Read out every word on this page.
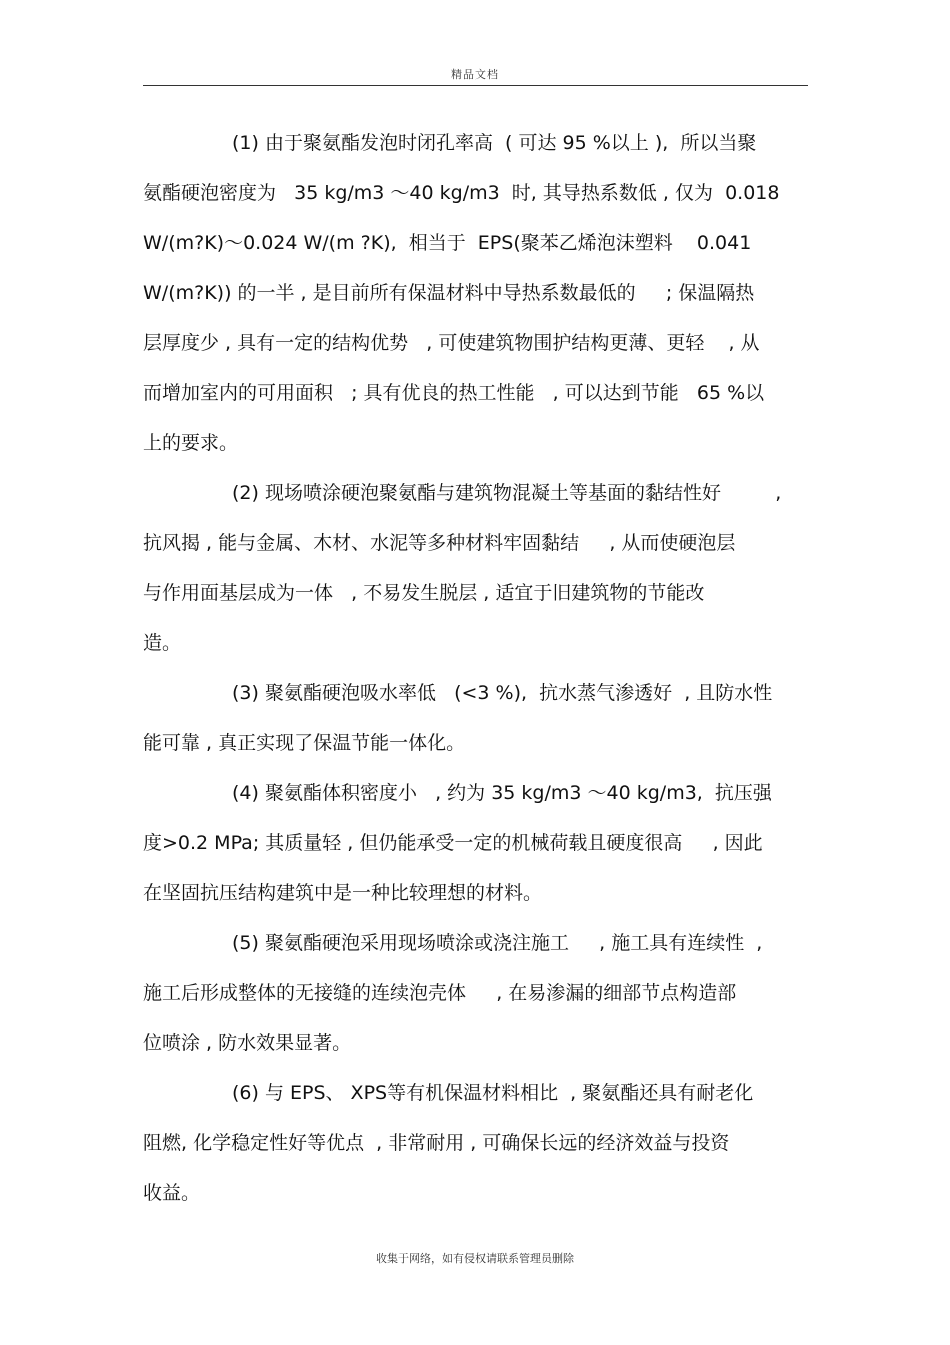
精品文档
(1) 由于聚氨酯发泡时闭孔率高  ( 可达 95 %以上 ),  所以当聚
氨酯硬泡密度为   35 kg/m3 ～40 kg/m3  时, 其导热系数低 , 仅为  0.018
W/(m?K)～0.024 W/(m ?K),  相当于  EPS(聚苯乙烯泡沫塑料    0.041
W/(m?K)) 的一半 , 是目前所有保温材料中导热系数最低的     ; 保温隔热
层厚度少 , 具有一定的结构优势   , 可使建筑物围护结构更薄、更轻    , 从
而增加室内的可用面积   ; 具有优良的热工性能   , 可以达到节能   65 %以
上的要求。
(2) 现场喷涂硬泡聚氨酯与建筑物混凝土等基面的黏结性好         ,
抗风揭 , 能与金属、木材、水泥等多种材料牢固黏结     , 从而使硬泡层
与作用面基层成为一体   , 不易发生脱层 , 适宜于旧建筑物的节能改
造。
(3) 聚氨酯硬泡吸水率低   (<3 %),  抗水蒸气渗透好  , 且防水性
能可靠 , 真正实现了保温节能一体化。
(4) 聚氨酯体积密度小   , 约为 35 kg/m3 ～40 kg/m3,  抗压强
度>0.2 MPa; 其质量轻 , 但仍能承受一定的机械荷载且硬度很高     , 因此
在坚固抗压结构建筑中是一种比较理想的材料。
(5) 聚氨酯硬泡采用现场喷涂或浇注施工     , 施工具有连续性  ,
施工后形成整体的无接缝的连续泡壳体     , 在易渗漏的细部节点构造部
位喷涂 , 防水效果显著。
(6) 与 EPS、 XPS等有机保温材料相比  , 聚氨酯还具有耐老化
阻燃, 化学稳定性好等优点  , 非常耐用 , 可确保长远的经济效益与投资
收益。
收集于网络，如有侵权请联系管理员删除
